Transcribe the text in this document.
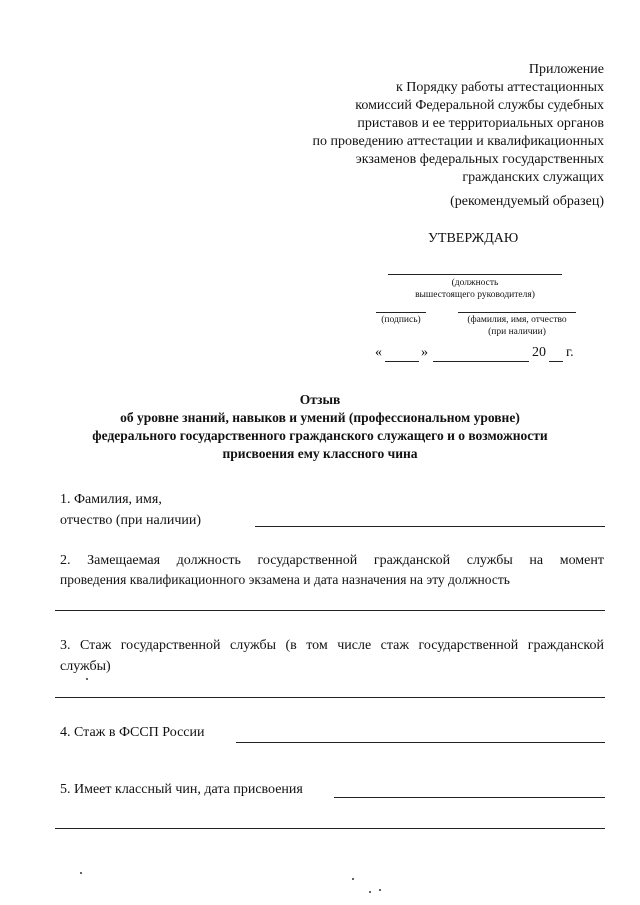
Приложение
к Порядку работы аттестационных
комиссий Федеральной службы судебных
приставов и ее территориальных органов
по проведению аттестации и квалификационных
экзаменов федеральных государственных
гражданских служащих
(рекомендуемый образец)
УТВЕРЖДАЮ
(должность
вышестоящего руководителя)
(подпись)	(фамилия, имя, отчество
(при наличии)
«	»	20 г.
Отзыв
об уровне знаний, навыков и умений (профессиональном уровне)
федерального государственного гражданского служащего и о возможности
присвоения ему классного чина
1. Фамилия, имя,
отчество (при наличии)
2. Замещаемая должность государственной гражданской службы на момент
проведения квалификационного экзамена и дата назначения на эту должность
3. Стаж государственной службы (в том числе стаж государственной гражданской
службы)
4. Стаж в ФССП России
5. Имеет классный чин, дата присвоения
